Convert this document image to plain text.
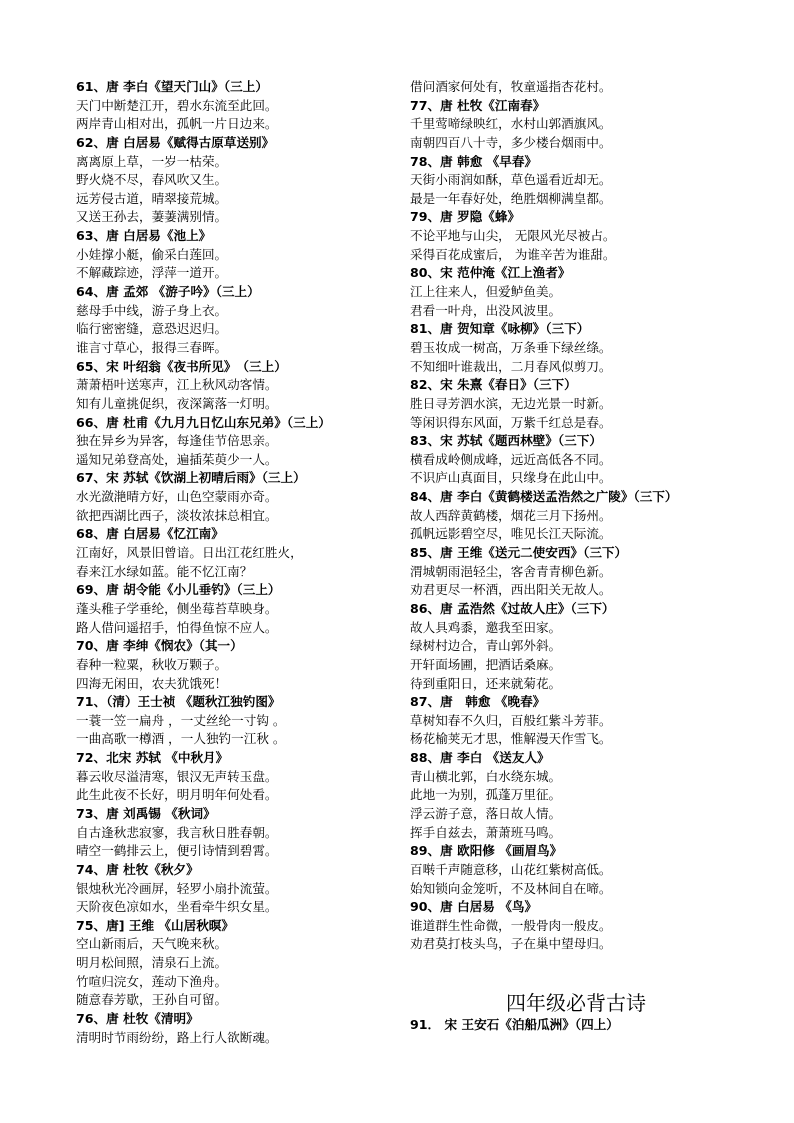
61、唐 李白《望天门山》（三上）
天门中断楚江开，碧水东流至此回。
两岸青山相对出，孤帆一片日边来。
62、唐 白居易《赋得古原草送别》
离离原上草，一岁一枯荣。
野火烧不尽，春风吹又生。
远芳侵古道，晴翠接荒城。
又送王孙去，萋萋满别情。
63、唐 白居易《池上》
小娃撑小艇，偷采白莲回。
不解藏踪迹，浮萍一道开。
64、唐 孟郊 《游子吟》（三上）
慈母手中线，游子身上衣。
临行密密缝，意恐迟迟归。
谁言寸草心，报得三春晖。
65、宋 叶绍翁《夜书所见》　（三上）
萧萧梧叶送寒声，江上秋风动客情。
知有儿童挑促织，夜深篱落一灯明。
66、唐 杜甫《九月九日忆山东兄弟》（三上）
独在异乡为异客，每逢佳节倍思亲。
遥知兄弟登高处，遍插茱萸少一人。
67、宋 苏轼《饮湖上初晴后雨》（三上）
水光潋滟晴方好，山色空蒙雨亦奇。
欲把西湖比西子，淡妆浓抹总相宜。
68、唐 白居易《忆江南》
江南好，风景旧曾谙。日出江花红胜火，
春来江水绿如蓝。能不忆江南？
69、唐 胡令能《小儿垂钓》（三上）
蓬头稚子学垂纶，侧坐莓苔草映身。
路人借问遥招手，怕得鱼惊不应人。
70、唐 李绅《悯农》（其一）
春种一粒粟，秋收万颗子。
四海无闲田，农夫犹饿死！
71、（清）王士祯 《题秋江独钓图》
一蓑一笠一扁舟 ，一丈丝纶一寸钩 。
一曲高歌一樽酒 ，一人独钓一江秋 。
72、北宋 苏轼 《中秋月》
暮云收尽溢清寒，银汉无声转玉盘。
此生此夜不长好，明月明年何处看。
73、唐 刘禹锡 《秋词》
自古逢秋悲寂寥，我言秋日胜春朝。
晴空一鹤排云上，便引诗情到碧霄。
74、唐 杜牧《秋夕》
银烛秋光冷画屏，轻罗小扇扑流萤。
天阶夜色凉如水，坐看牵牛织女星。
75、唐] 王维 《山居秋暝》
空山新雨后，天气晚来秋。
明月松间照，清泉石上流。
竹喧归浣女，莲动下渔舟。
随意春芳歇，王孙自可留。
76、唐 杜牧《清明》
清明时节雨纷纷，路上行人欲断魂。
借问酒家何处有，牧童遥指杏花村。
77、唐 杜牧《江南春》
千里莺啼绿映红，水村山郭酒旗风。
南朝四百八十寺，多少楼台烟雨中。
78、唐 韩愈 《早春》
天街小雨润如酥，草色遥看近却无。
最是一年春好处，绝胜烟柳满皇都。
79、唐 罗隐《蜂》
不论平地与山尖， 无限风光尽被占。
采得百花成蜜后， 为谁辛苦为谁甜。
80、宋 范仲淹《江上渔者》
江上往来人，但爱鲈鱼美。
君看一叶舟，出没风波里。
81、唐 贺知章《咏柳》（三下）
碧玉妆成一树高，万条垂下绿丝绦。
不知细叶谁裁出，二月春风似剪刀。
82、宋 朱熹《春日》（三下）
胜日寻芳泗水滨，无边光景一时新。
等闲识得东风面，万紫千红总是春。
83、宋 苏轼《题西林壁》（三下）
横看成岭侧成峰，远近高低各不同。
不识庐山真面目，只缘身在此山中。
84、唐 李白《黄鹤楼送孟浩然之广陵》（三下）
故人西辞黄鹤楼，烟花三月下扬州。
孤帆远影碧空尽，唯见长江天际流。
85、唐 王维《送元二使安西》（三下）
渭城朝雨浥轻尘，客舍青青柳色新。
劝君更尽一杯酒，西出阳关无故人。
86、唐 孟浩然《过故人庄》（三下）
故人具鸡黍，邀我至田家。
绿树村边合，青山郭外斜。
开轩面场圃，把酒话桑麻。
待到重阳日，还来就菊花。
87、唐　韩愈 《晚春》
草树知春不久归，百般红紫斗芳菲。
杨花榆荚无才思，惟解漫天作雪飞。
88、唐 李白 《送友人》
青山横北郭，白水绕东城。
此地一为别，孤蓬万里征。
浮云游子意，落日故人情。
挥手自兹去，萧萧班马鸣。
89、唐 欧阳修 《画眉鸟》
百啭千声随意移，山花红紫树高低。
始知锁向金笼听，不及林间自在啼。
90、唐 白居易 《鸟》
谁道群生性命微，一般骨肉一般皮。
劝君莫打枝头鸟，子在巢中望母归。
四年级必背古诗
91． 宋 王安石《泊船瓜洲》（四上）
